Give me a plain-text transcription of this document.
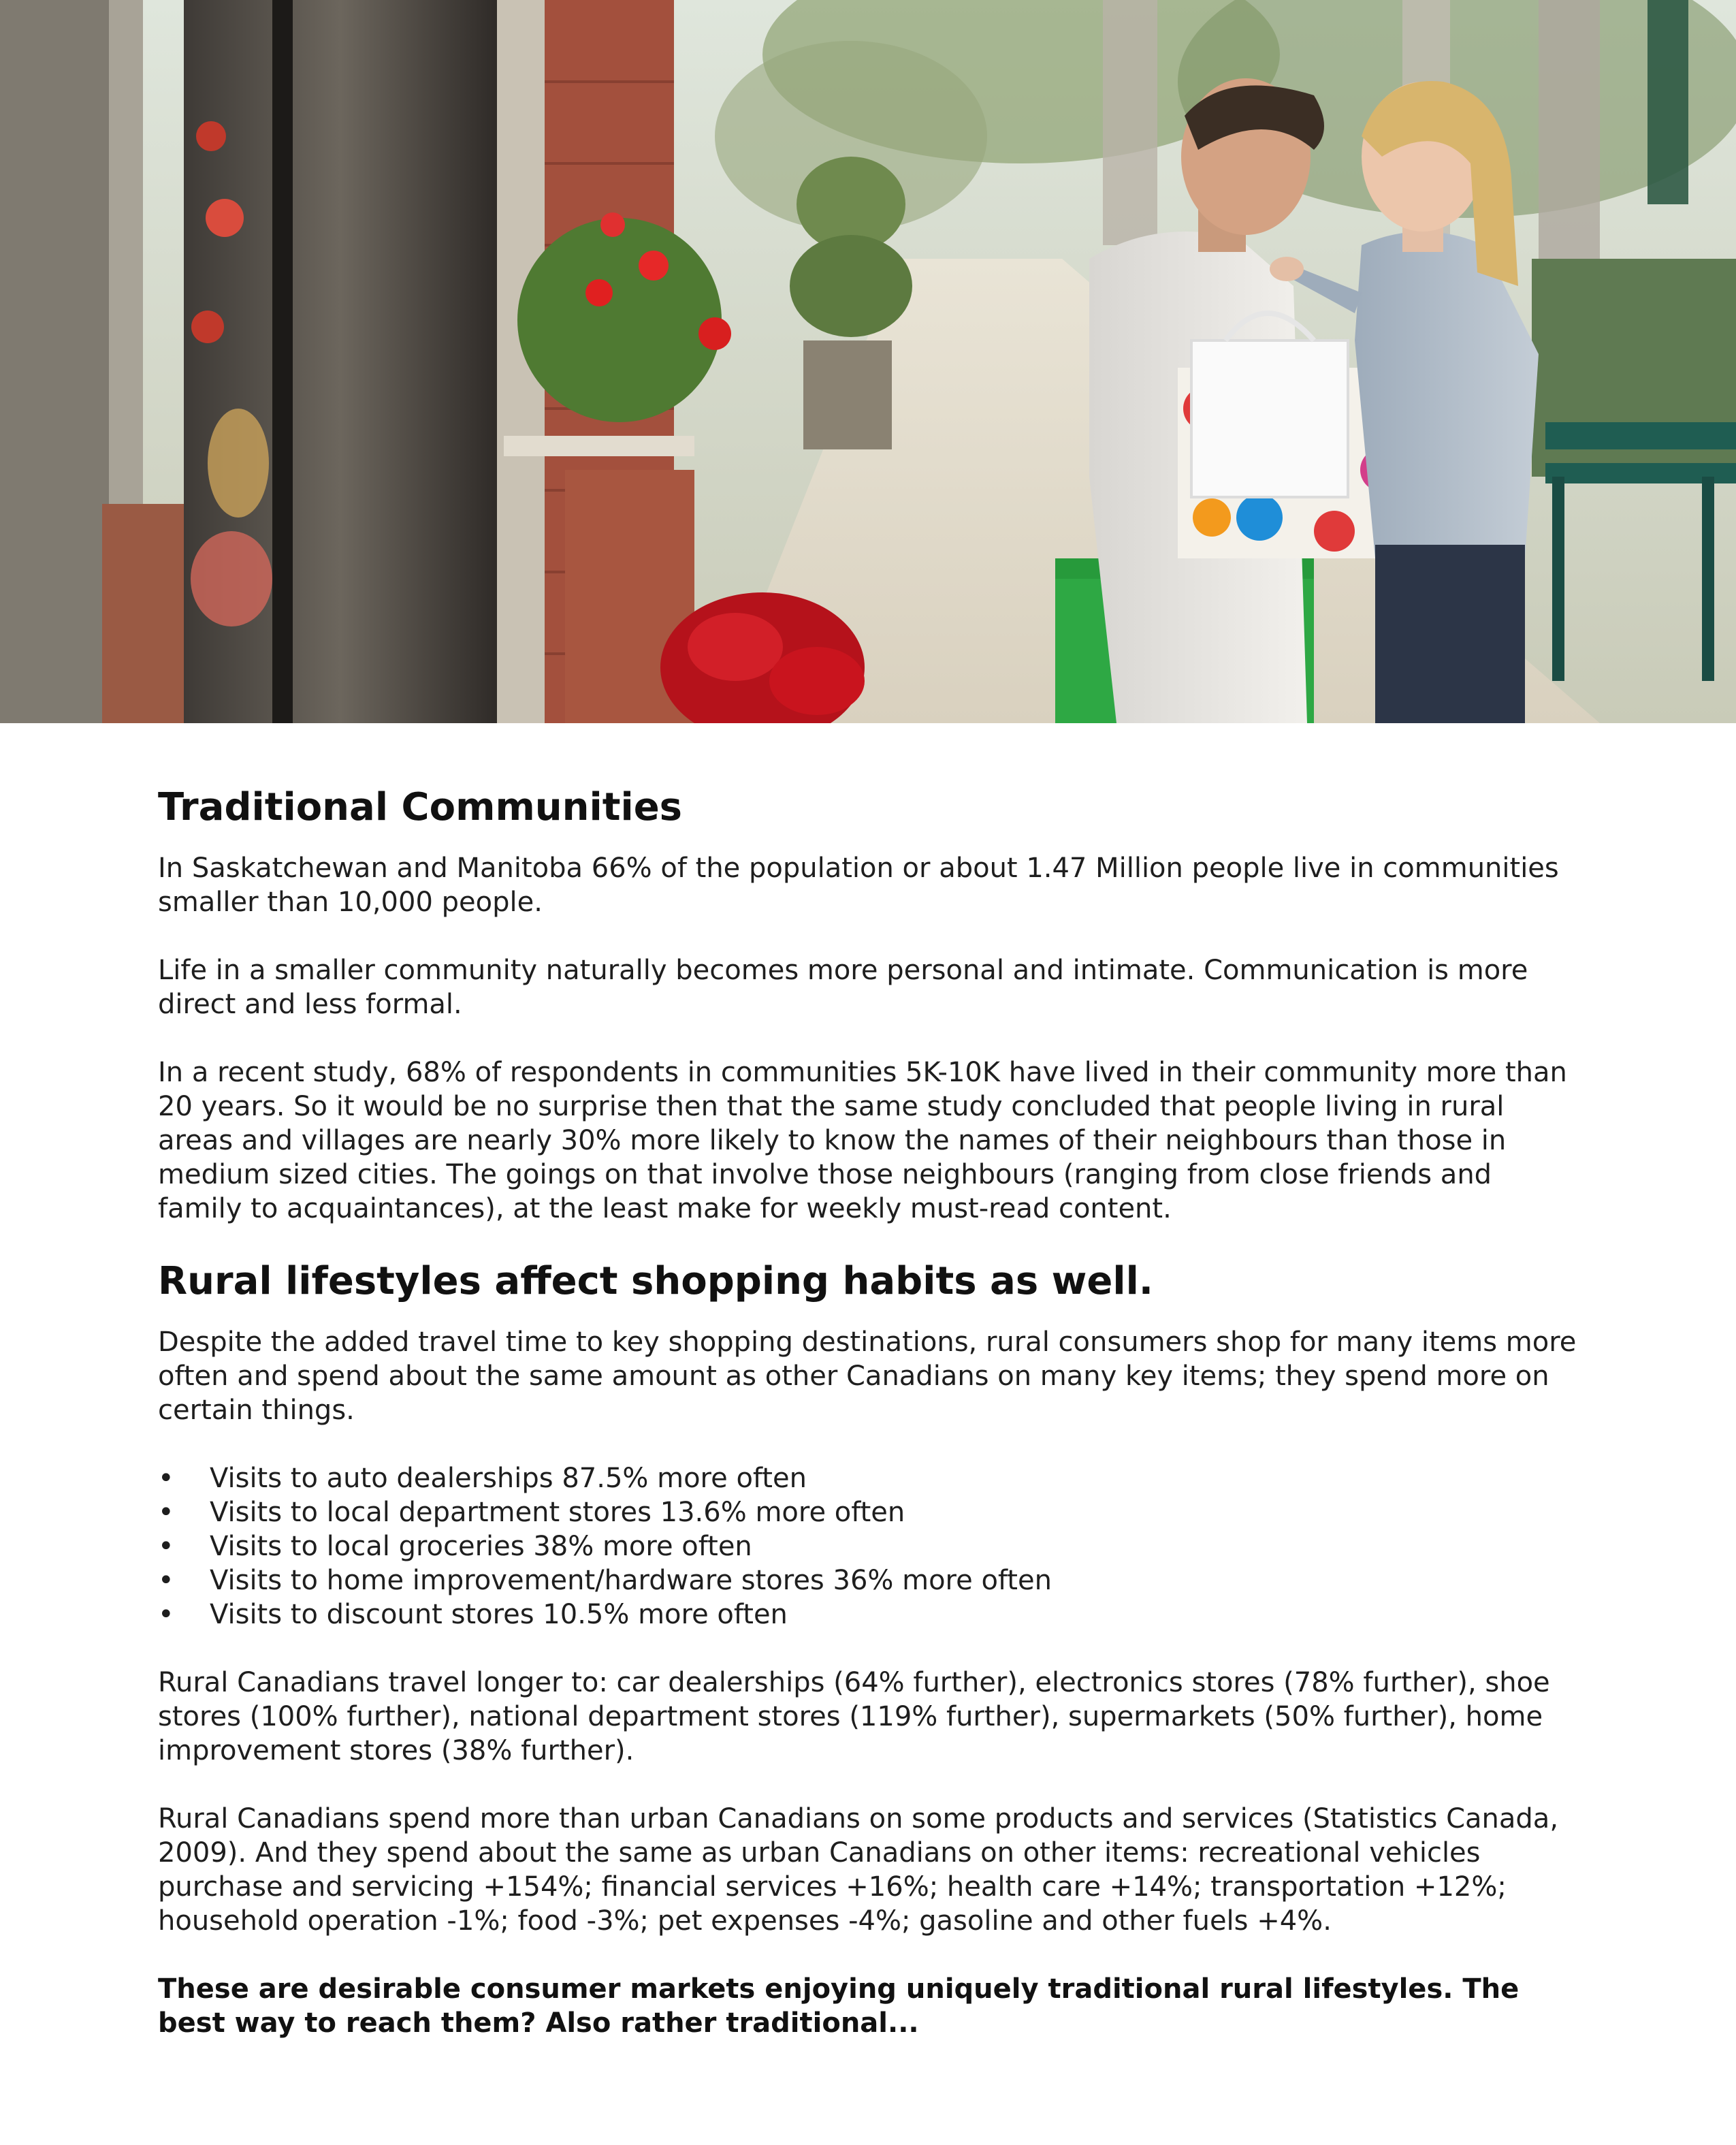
Traditional Communities

In Saskatchewan and Manitoba 66% of the population or about 1.47 Million people live in communities smaller than 10,000 people.

Life in a smaller community naturally becomes more personal and intimate. Communication is more direct and less formal.

In a recent study, 68% of respondents in communities 5K-10K have lived in their community more than 20 years. So it would be no surprise then that the same study concluded that people living in rural areas and villages are nearly 30% more likely to know the names of their neighbours than those in medium sized cities. The goings on that involve those neighbours (ranging from close friends and family to acquaintances), at the least make for weekly must-read content.

Rural lifestyles affect shopping habits as well.

Despite the added travel time to key shopping destinations, rural consumers shop for many items more often and spend about the same amount as other Canadians on many key items; they spend more on certain things.

• Visits to auto dealerships 87.5% more often
• Visits to local department stores 13.6% more often
• Visits to local groceries 38% more often
• Visits to home improvement/hardware stores 36% more often
• Visits to discount stores 10.5% more often

Rural Canadians travel longer to: car dealerships (64% further), electronics stores (78% further), shoe stores (100% further), national department stores (119% further), supermarkets (50% further), home improvement stores (38% further).

Rural Canadians spend more than urban Canadians on some products and services (Statistics Canada, 2009). And they spend about the same as urban Canadians on other items: recreational vehicles purchase and servicing +154%; financial services +16%; health care +14%; transportation +12%; household operation -1%; food -3%; pet expenses -4%; gasoline and other fuels +4%.

These are desirable consumer markets enjoying uniquely traditional rural lifestyles. The best way to reach them? Also rather traditional...
